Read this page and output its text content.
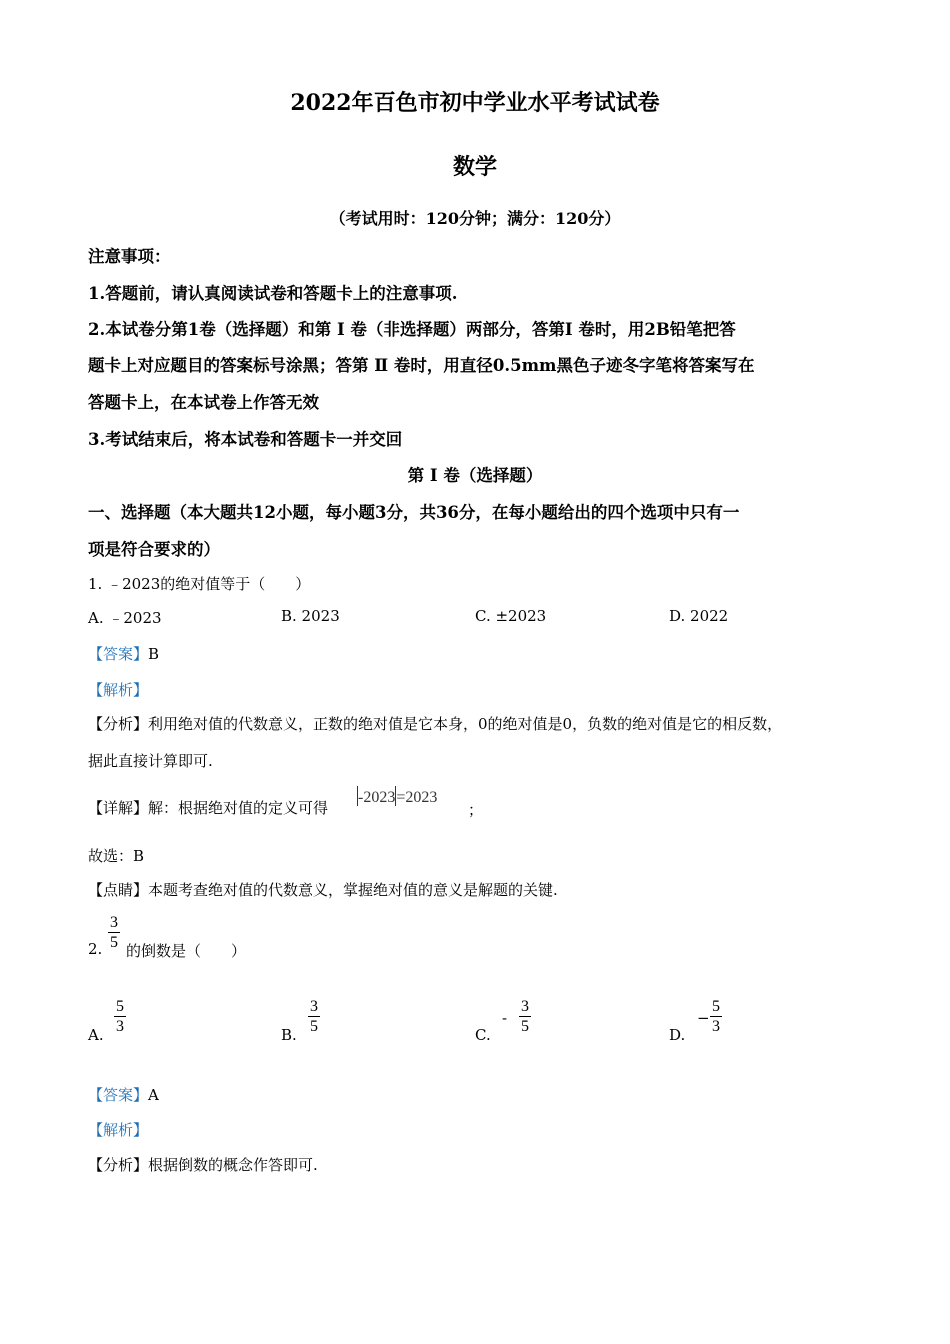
2022年百色市初中学业水平考试试卷
数学
（考试用时：120分钟；满分：120分）
注意事项：
1.答题前，请认真阅读试卷和答题卡上的注意事项.
2.本试卷分第1卷（选择题）和第 Ⅰ 卷（非选择题）两部分，答第Ⅰ 卷时，用2B铅笔把答
题卡上对应题目的答案标号涂黑；答第 Ⅱ 卷时，用直径0.5mm黑色子迹冬字笔将答案写在
答题卡上，在本试卷上作答无效
3.考试结束后，将本试卷和答题卡一并交回
第 Ⅰ 卷（选择题）
一、选择题（本大题共12小题，每小题3分，共36分，在每小题给出的四个选项中只有一
项是符合要求的）
1. ﹣2023的绝对值等于（　　）
A. ﹣2023	B. 2023	C. ±2023	D. 2022
【答案】B
【解析】
【分析】利用绝对值的代数意义，正数的绝对值是它本身，0的绝对值是0，负数的绝对值是它的相反数，
据此直接计算即可.
【详解】解：根据绝对值的定义可得
-2023=2023
；
故选：B
【点睛】本题考查绝对值的代数意义，掌握绝对值的意义是解题的关键.
2.
3
5 的倒数是（　　）
A.
5
3	B.
3
5	C.
-
3
5	D.
−
5
3
【答案】A
【解析】
【分析】根据倒数的概念作答即可.
